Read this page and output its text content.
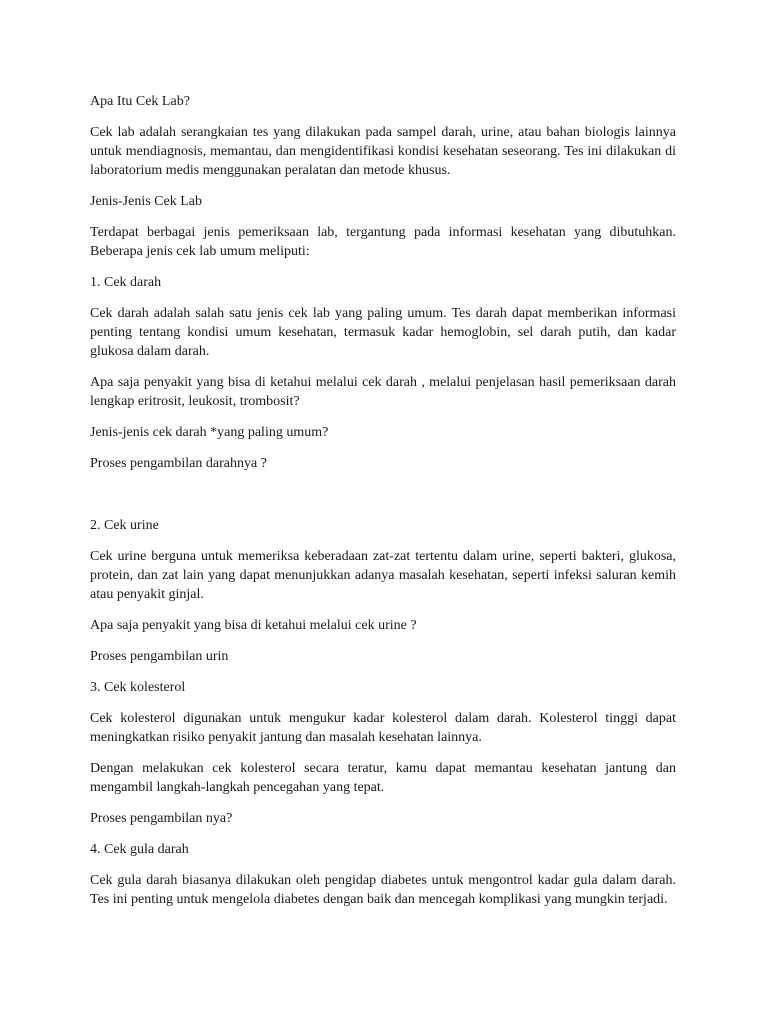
Apa Itu Cek Lab?

Cek lab adalah serangkaian tes yang dilakukan pada sampel darah, urine, atau bahan biologis lainnya untuk mendiagnosis, memantau, dan mengidentifikasi kondisi kesehatan seseorang. Tes ini dilakukan di laboratorium medis menggunakan peralatan dan metode khusus.

Jenis-Jenis Cek Lab

Terdapat berbagai jenis pemeriksaan lab, tergantung pada informasi kesehatan yang dibutuhkan. Beberapa jenis cek lab umum meliputi:

1. Cek darah

Cek darah adalah salah satu jenis cek lab yang paling umum. Tes darah dapat memberikan informasi penting tentang kondisi umum kesehatan, termasuk kadar hemoglobin, sel darah putih, dan kadar glukosa dalam darah.

Apa saja penyakit yang bisa di ketahui melalui cek darah , melalui penjelasan hasil pemeriksaan darah lengkap eritrosit, leukosit, trombosit?

Jenis-jenis cek darah *yang paling umum?

Proses pengambilan darahnya ?

2. Cek urine

Cek urine berguna untuk memeriksa keberadaan zat-zat tertentu dalam urine, seperti bakteri, glukosa, protein, dan zat lain yang dapat menunjukkan adanya masalah kesehatan, seperti infeksi saluran kemih atau penyakit ginjal.

Apa saja penyakit yang bisa di ketahui melalui cek urine ?

Proses pengambilan urin

3. Cek kolesterol

Cek kolesterol digunakan untuk mengukur kadar kolesterol dalam darah. Kolesterol tinggi dapat meningkatkan risiko penyakit jantung dan masalah kesehatan lainnya.

Dengan melakukan cek kolesterol secara teratur, kamu dapat memantau kesehatan jantung dan mengambil langkah-langkah pencegahan yang tepat.

Proses pengambilan nya?

4. Cek gula darah

Cek gula darah biasanya dilakukan oleh pengidap diabetes untuk mengontrol kadar gula dalam darah. Tes ini penting untuk mengelola diabetes dengan baik dan mencegah komplikasi yang mungkin terjadi.
